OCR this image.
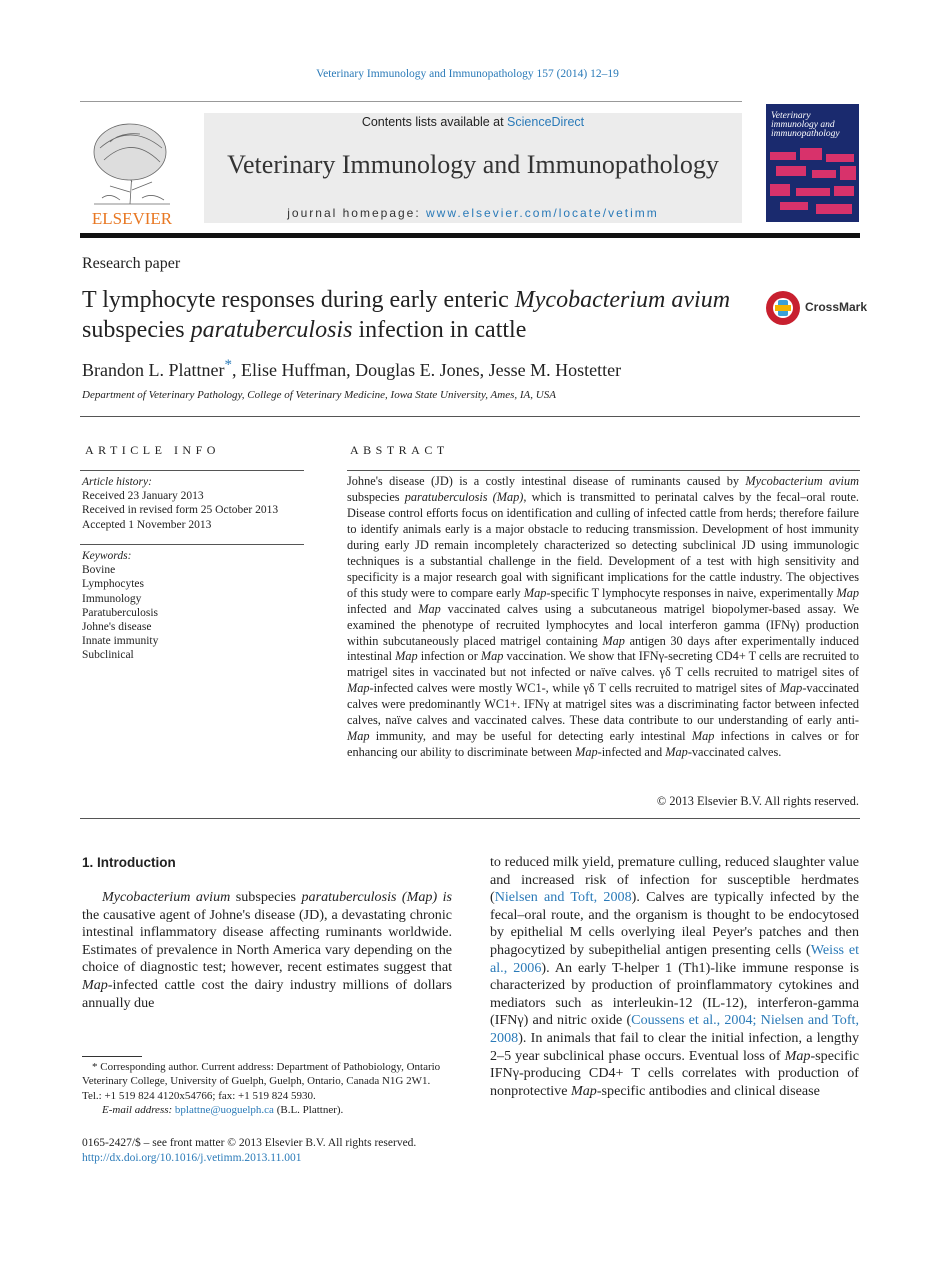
Veterinary Immunology and Immunopathology 157 (2014) 12–19
ELSEVIER
Contents lists available at ScienceDirect
Veterinary Immunology and Immunopathology
journal homepage: www.elsevier.com/locate/vetimm
Veterinary immunology and immunopathology
Research paper
T lymphocyte responses during early enteric Mycobacterium avium subspecies paratuberculosis infection in cattle
CrossMark
Brandon L. Plattner*, Elise Huffman, Douglas E. Jones, Jesse M. Hostetter
Department of Veterinary Pathology, College of Veterinary Medicine, Iowa State University, Ames, IA, USA
ARTICLE INFO
Article history:
Received 23 January 2013
Received in revised form 25 October 2013
Accepted 1 November 2013
Keywords:
Bovine
Lymphocytes
Immunology
Paratuberculosis
Johne's disease
Innate immunity
Subclinical
ABSTRACT
Johne's disease (JD) is a costly intestinal disease of ruminants caused by Mycobacterium avium subspecies paratuberculosis (Map), which is transmitted to perinatal calves by the fecal–oral route. Disease control efforts focus on identification and culling of infected cattle from herds; therefore failure to identify animals early is a major obstacle to reducing transmission. Development of host immunity during early JD remain incompletely characterized so detecting subclinical JD using immunologic techniques is a substantial challenge in the field. Development of a test with high sensitivity and specificity is a major research goal with significant implications for the cattle industry. The objectives of this study were to compare early Map-specific T lymphocyte responses in naive, experimentally Map infected and Map vaccinated calves using a subcutaneous matrigel biopolymer-based assay. We examined the phenotype of recruited lymphocytes and local interferon gamma (IFNγ) production within subcutaneously placed matrigel containing Map antigen 30 days after experimentally induced intestinal Map infection or Map vaccination. We show that IFNγ-secreting CD4+ T cells are recruited to matrigel sites in vaccinated but not infected or naïve calves. γδ T cells recruited to matrigel sites of Map-infected calves were mostly WC1-, while γδ T cells recruited to matrigel sites of Map-vaccinated calves were predominantly WC1+. IFNγ at matrigel sites was a discriminating factor between infected calves, naïve calves and vaccinated calves. These data contribute to our understanding of early anti-Map immunity, and may be useful for detecting early intestinal Map infections in calves or for enhancing our ability to discriminate between Map-infected and Map-vaccinated calves.
© 2013 Elsevier B.V. All rights reserved.
1. Introduction
Mycobacterium avium subspecies paratuberculosis (Map) is the causative agent of Johne's disease (JD), a devastating chronic intestinal inflammatory disease affecting ruminants worldwide. Estimates of prevalence in North America vary depending on the choice of diagnostic test; however, recent estimates suggest that Map-infected cattle cost the dairy industry millions of dollars annually due
to reduced milk yield, premature culling, reduced slaughter value and increased risk of infection for susceptible herdmates (Nielsen and Toft, 2008). Calves are typically infected by the fecal–oral route, and the organism is thought to be endocytosed by epithelial M cells overlying ileal Peyer's patches and then phagocytized by subepithelial antigen presenting cells (Weiss et al., 2006). An early T-helper 1 (Th1)-like immune response is characterized by production of proinflammatory cytokines and mediators such as interleukin-12 (IL-12), interferon-gamma (IFNγ) and nitric oxide (Coussens et al., 2004; Nielsen and Toft, 2008). In animals that fail to clear the initial infection, a lengthy 2–5 year subclinical phase occurs. Eventual loss of Map-specific IFNγ-producing CD4+ T cells correlates with production of nonprotective Map-specific antibodies and clinical disease
* Corresponding author. Current address: Department of Pathobiology, Ontario Veterinary College, University of Guelph, Guelph, Ontario, Canada N1G 2W1. Tel.: +1 519 824 4120x54766; fax: +1 519 824 5930.
E-mail address: bplattne@uoguelph.ca (B.L. Plattner).
0165-2427/$ – see front matter © 2013 Elsevier B.V. All rights reserved.
http://dx.doi.org/10.1016/j.vetimm.2013.11.001
